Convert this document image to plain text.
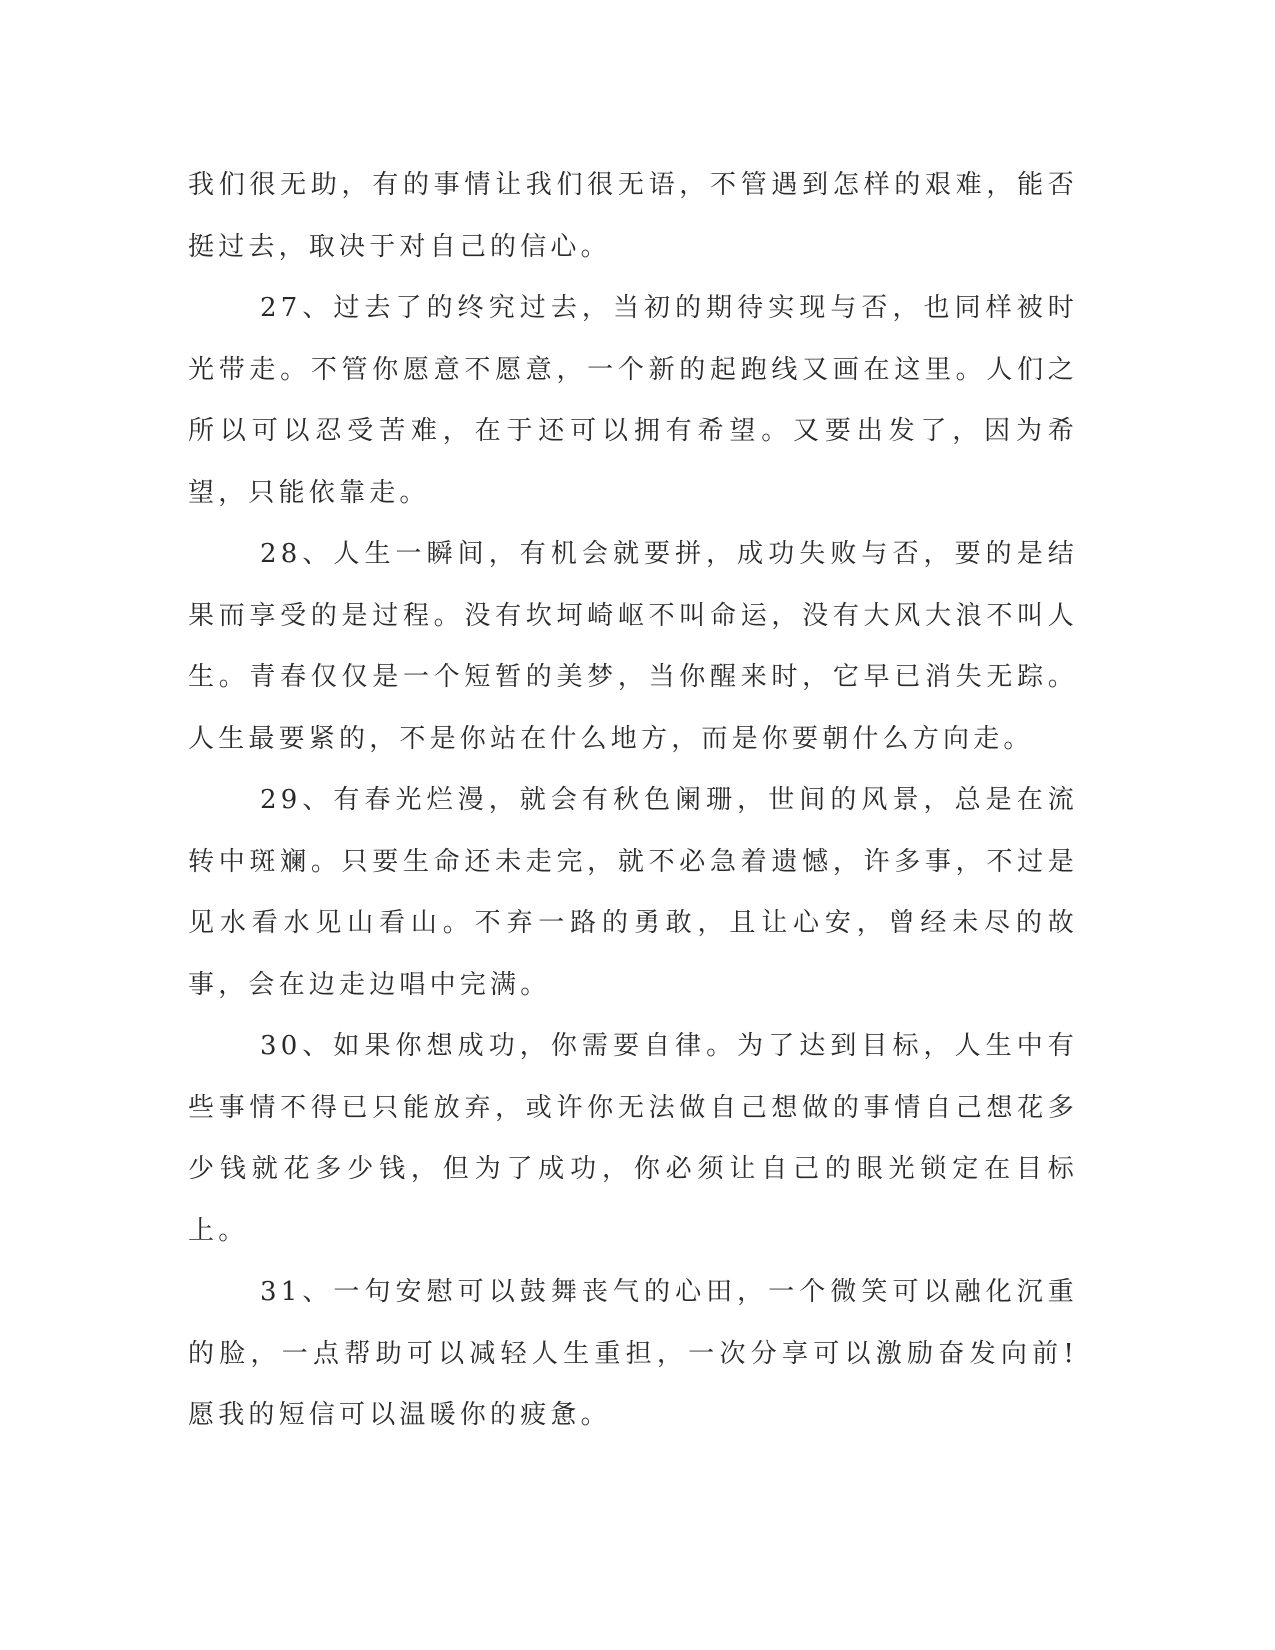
我们很无助，有的事情让我们很无语，不管遇到怎样的艰难，能否挺过去，取决于对自己的信心。

27、过去了的终究过去，当初的期待实现与否，也同样被时光带走。不管你愿意不愿意，一个新的起跑线又画在这里。人们之所以可以忍受苦难，在于还可以拥有希望。又要出发了，因为希望，只能依靠走。

28、人生一瞬间，有机会就要拼，成功失败与否，要的是结果而享受的是过程。没有坎坷崎岖不叫命运，没有大风大浪不叫人生。青春仅仅是一个短暂的美梦，当你醒来时，它早已消失无踪。人生最要紧的，不是你站在什么地方，而是你要朝什么方向走。

29、有春光烂漫，就会有秋色阑珊，世间的风景，总是在流转中斑斓。只要生命还未走完，就不必急着遗憾，许多事，不过是见水看水见山看山。不弃一路的勇敢，且让心安，曾经未尽的故事，会在边走边唱中完满。

30、如果你想成功，你需要自律。为了达到目标，人生中有些事情不得已只能放弃，或许你无法做自己想做的事情自己想花多少钱就花多少钱，但为了成功，你必须让自己的眼光锁定在目标上。

31、一句安慰可以鼓舞丧气的心田，一个微笑可以融化沉重的脸，一点帮助可以减轻人生重担，一次分享可以激励奋发向前!愿我的短信可以温暖你的疲惫。
